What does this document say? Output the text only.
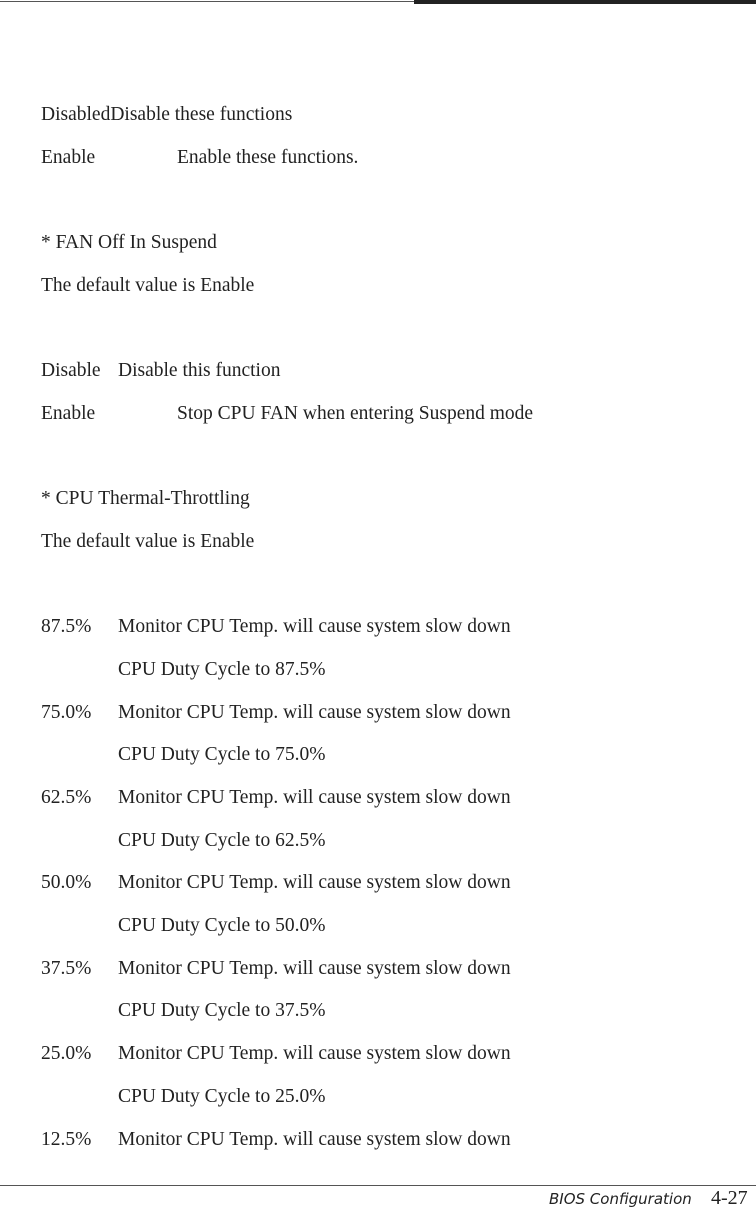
DisabledDisable these functions
Enable	Enable these functions.
* FAN Off In Suspend
The default value is Enable
Disable Disable this function
Enable	Stop CPU FAN when entering Suspend mode
* CPU Thermal-Throttling
The default value is Enable
87.5% Monitor CPU Temp. will cause system slow down
CPU Duty Cycle to 87.5%
75.0% Monitor CPU Temp. will cause system slow down
CPU Duty Cycle to 75.0%
62.5% Monitor CPU Temp. will cause system slow down
CPU Duty Cycle to 62.5%
50.0% Monitor CPU Temp. will cause system slow down
CPU Duty Cycle to 50.0%
37.5% Monitor CPU Temp. will cause system slow down
CPU Duty Cycle to 37.5%
25.0% Monitor CPU Temp. will cause system slow down
CPU Duty Cycle to 25.0%
12.5% Monitor CPU Temp. will cause system slow down
BIOS Configuration 4-27
